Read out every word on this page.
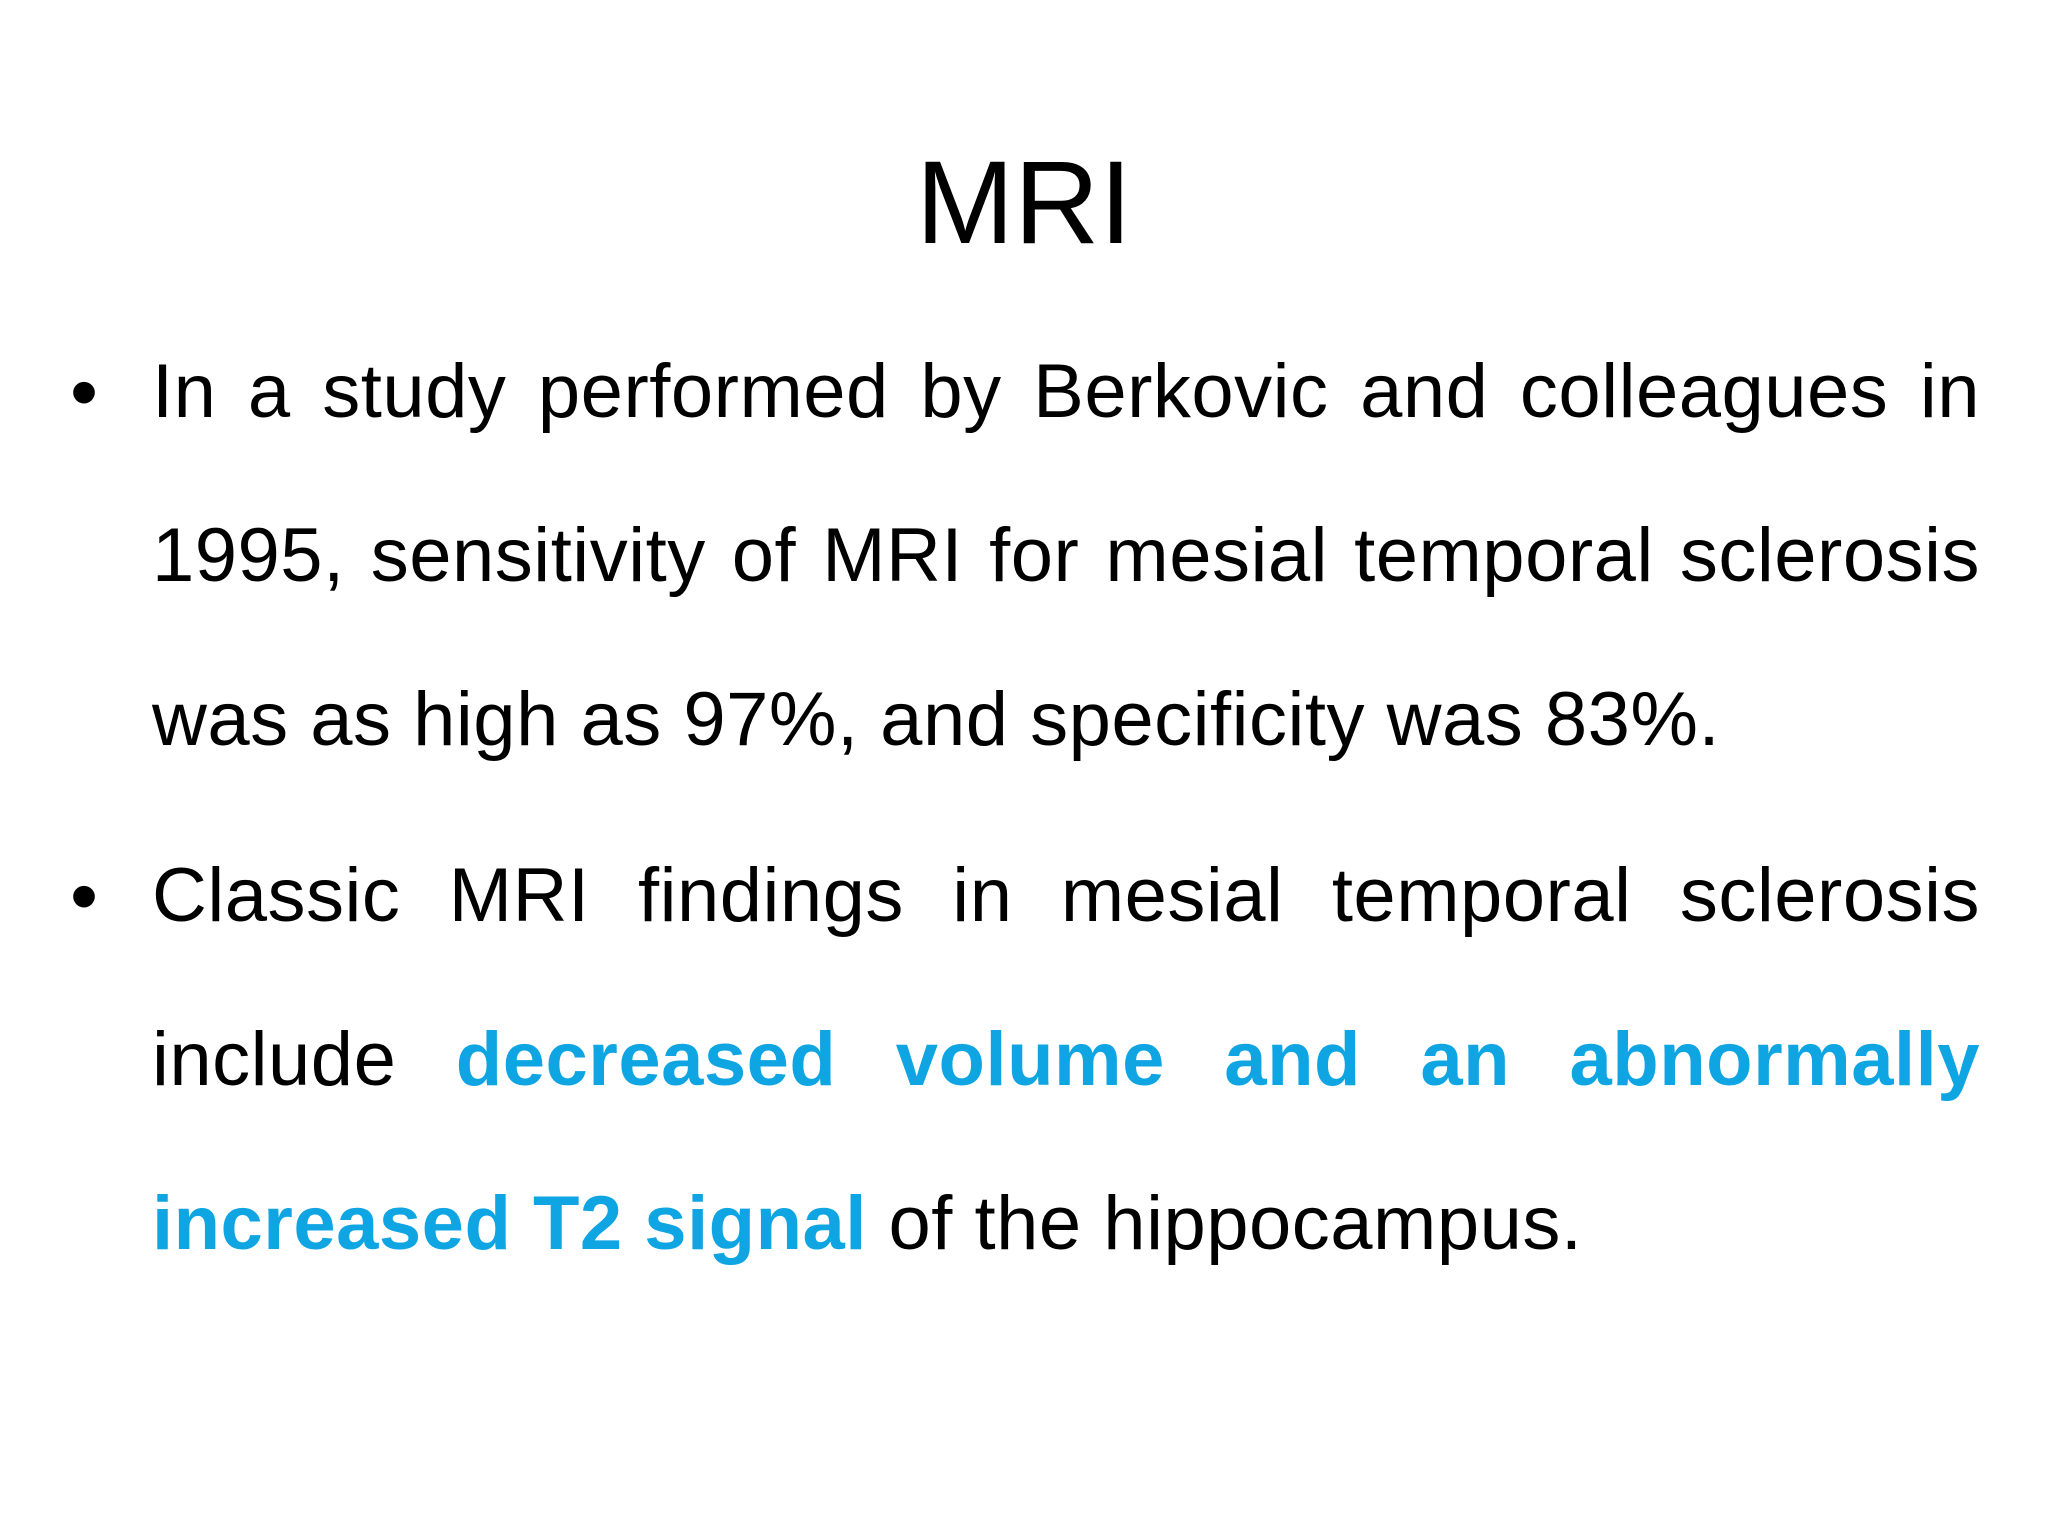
MRI
• In a study performed by Berkovic and colleagues in 1995, sensitivity of MRI for mesial temporal sclerosis was as high as 97%, and specificity was 83%.
• Classic MRI findings in mesial temporal sclerosis include decreased volume and an abnormally increased T2 signal of the hippocampus.
